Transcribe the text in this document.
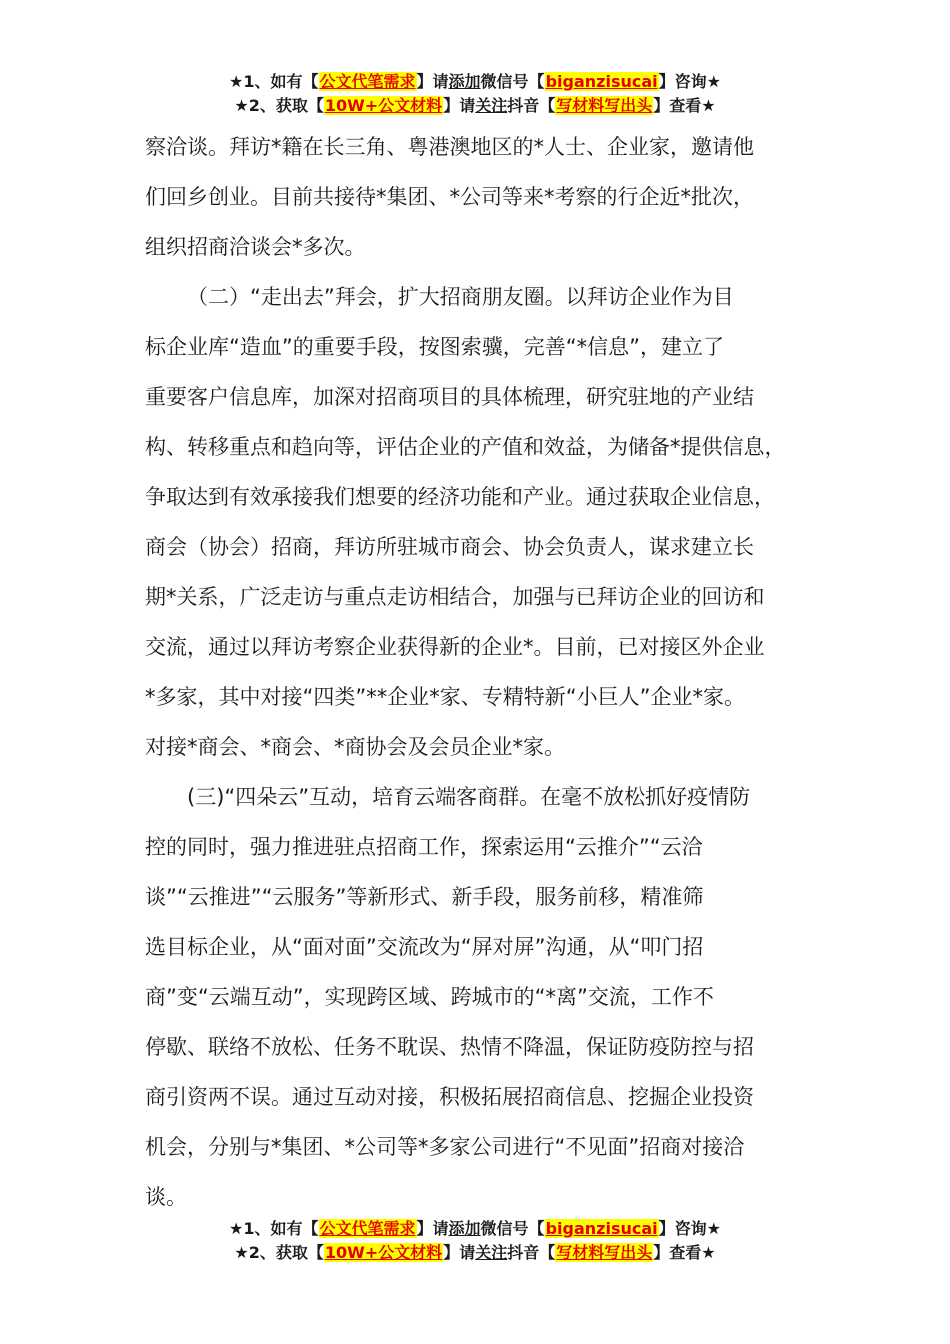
★1、如有【公文代笔需求】请添加微信号【biganzisucai】咨询★
★2、获取【10W+公文材料】请关注抖音【写材料写出头】查看★
察洽谈。拜访*籍在长三角、粤港澳地区的*人士、企业家，邀请他
们回乡创业。目前共接待*集团、*公司等来*考察的行企近*批次，
组织招商洽谈会*多次。
（二）“走出去”拜会，扩大招商朋友圈。以拜访企业作为目
标企业库“造血”的重要手段，按图索骥，完善“*信息”，建立了
重要客户信息库，加深对招商项目的具体梳理，研究驻地的产业结
构、转移重点和趋向等，评估企业的产值和效益，为储备*提供信息，
争取达到有效承接我们想要的经济功能和产业。通过获取企业信息，
商会（协会）招商，拜访所驻城市商会、协会负责人，谋求建立长
期*关系，广泛走访与重点走访相结合，加强与已拜访企业的回访和
交流，通过以拜访考察企业获得新的企业*。目前，已对接区外企业
*多家，其中对接“四类”**企业*家、专精特新“小巨人”企业*家。
对接*商会、*商会、*商协会及会员企业*家。
(三)“四朵云”互动，培育云端客商群。在毫不放松抓好疫情防
控的同时，强力推进驻点招商工作，探索运用“云推介”“云洽
谈”“云推进”“云服务”等新形式、新手段，服务前移，精准筛
选目标企业，从“面对面”交流改为“屏对屏”沟通，从“叩门招
商”变“云端互动”，实现跨区域、跨城市的“*离”交流，工作不
停歇、联络不放松、任务不耽误、热情不降温，保证防疫防控与招
商引资两不误。通过互动对接，积极拓展招商信息、挖掘企业投资
机会，分别与*集团、*公司等*多家公司进行“不见面”招商对接洽
谈。
★1、如有【公文代笔需求】请添加微信号【biganzisucai】咨询★
★2、获取【10W+公文材料】请关注抖音【写材料写出头】查看★
